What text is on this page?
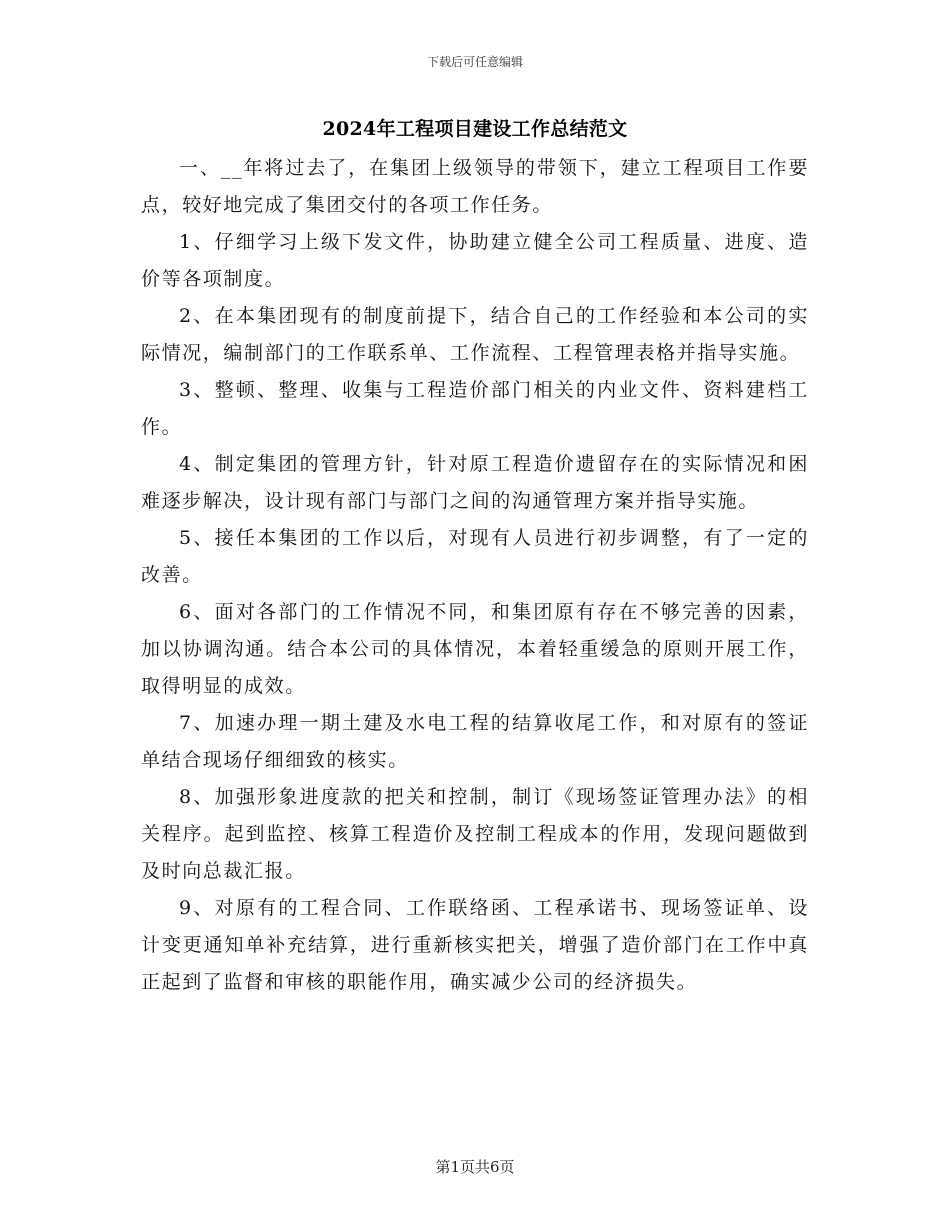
下载后可任意编辑
2024年工程项目建设工作总结范文

一、__年将过去了，在集团上级领导的带领下，建立工程项目工作要点，较好地完成了集团交付的各项工作任务。

1、仔细学习上级下发文件，协助建立健全公司工程质量、进度、造价等各项制度。

2、在本集团现有的制度前提下，结合自己的工作经验和本公司的实际情况，编制部门的工作联系单、工作流程、工程管理表格并指导实施。

3、整顿、整理、收集与工程造价部门相关的内业文件、资料建档工作。

4、制定集团的管理方针，针对原工程造价遗留存在的实际情况和困难逐步解决，设计现有部门与部门之间的沟通管理方案并指导实施。

5、接任本集团的工作以后，对现有人员进行初步调整，有了一定的改善。

6、面对各部门的工作情况不同，和集团原有存在不够完善的因素，加以协调沟通。结合本公司的具体情况，本着轻重缓急的原则开展工作，取得明显的成效。

7、加速办理一期土建及水电工程的结算收尾工作，和对原有的签证单结合现场仔细细致的核实。

8、加强形象进度款的把关和控制，制订《现场签证管理办法》的相关程序。起到监控、核算工程造价及控制工程成本的作用，发现问题做到及时向总裁汇报。

9、对原有的工程合同、工作联络函、工程承诺书、现场签证单、设计变更通知单补充结算，进行重新核实把关，增强了造价部门在工作中真正起到了监督和审核的职能作用，确实减少公司的经济损失。

第1页共6页
